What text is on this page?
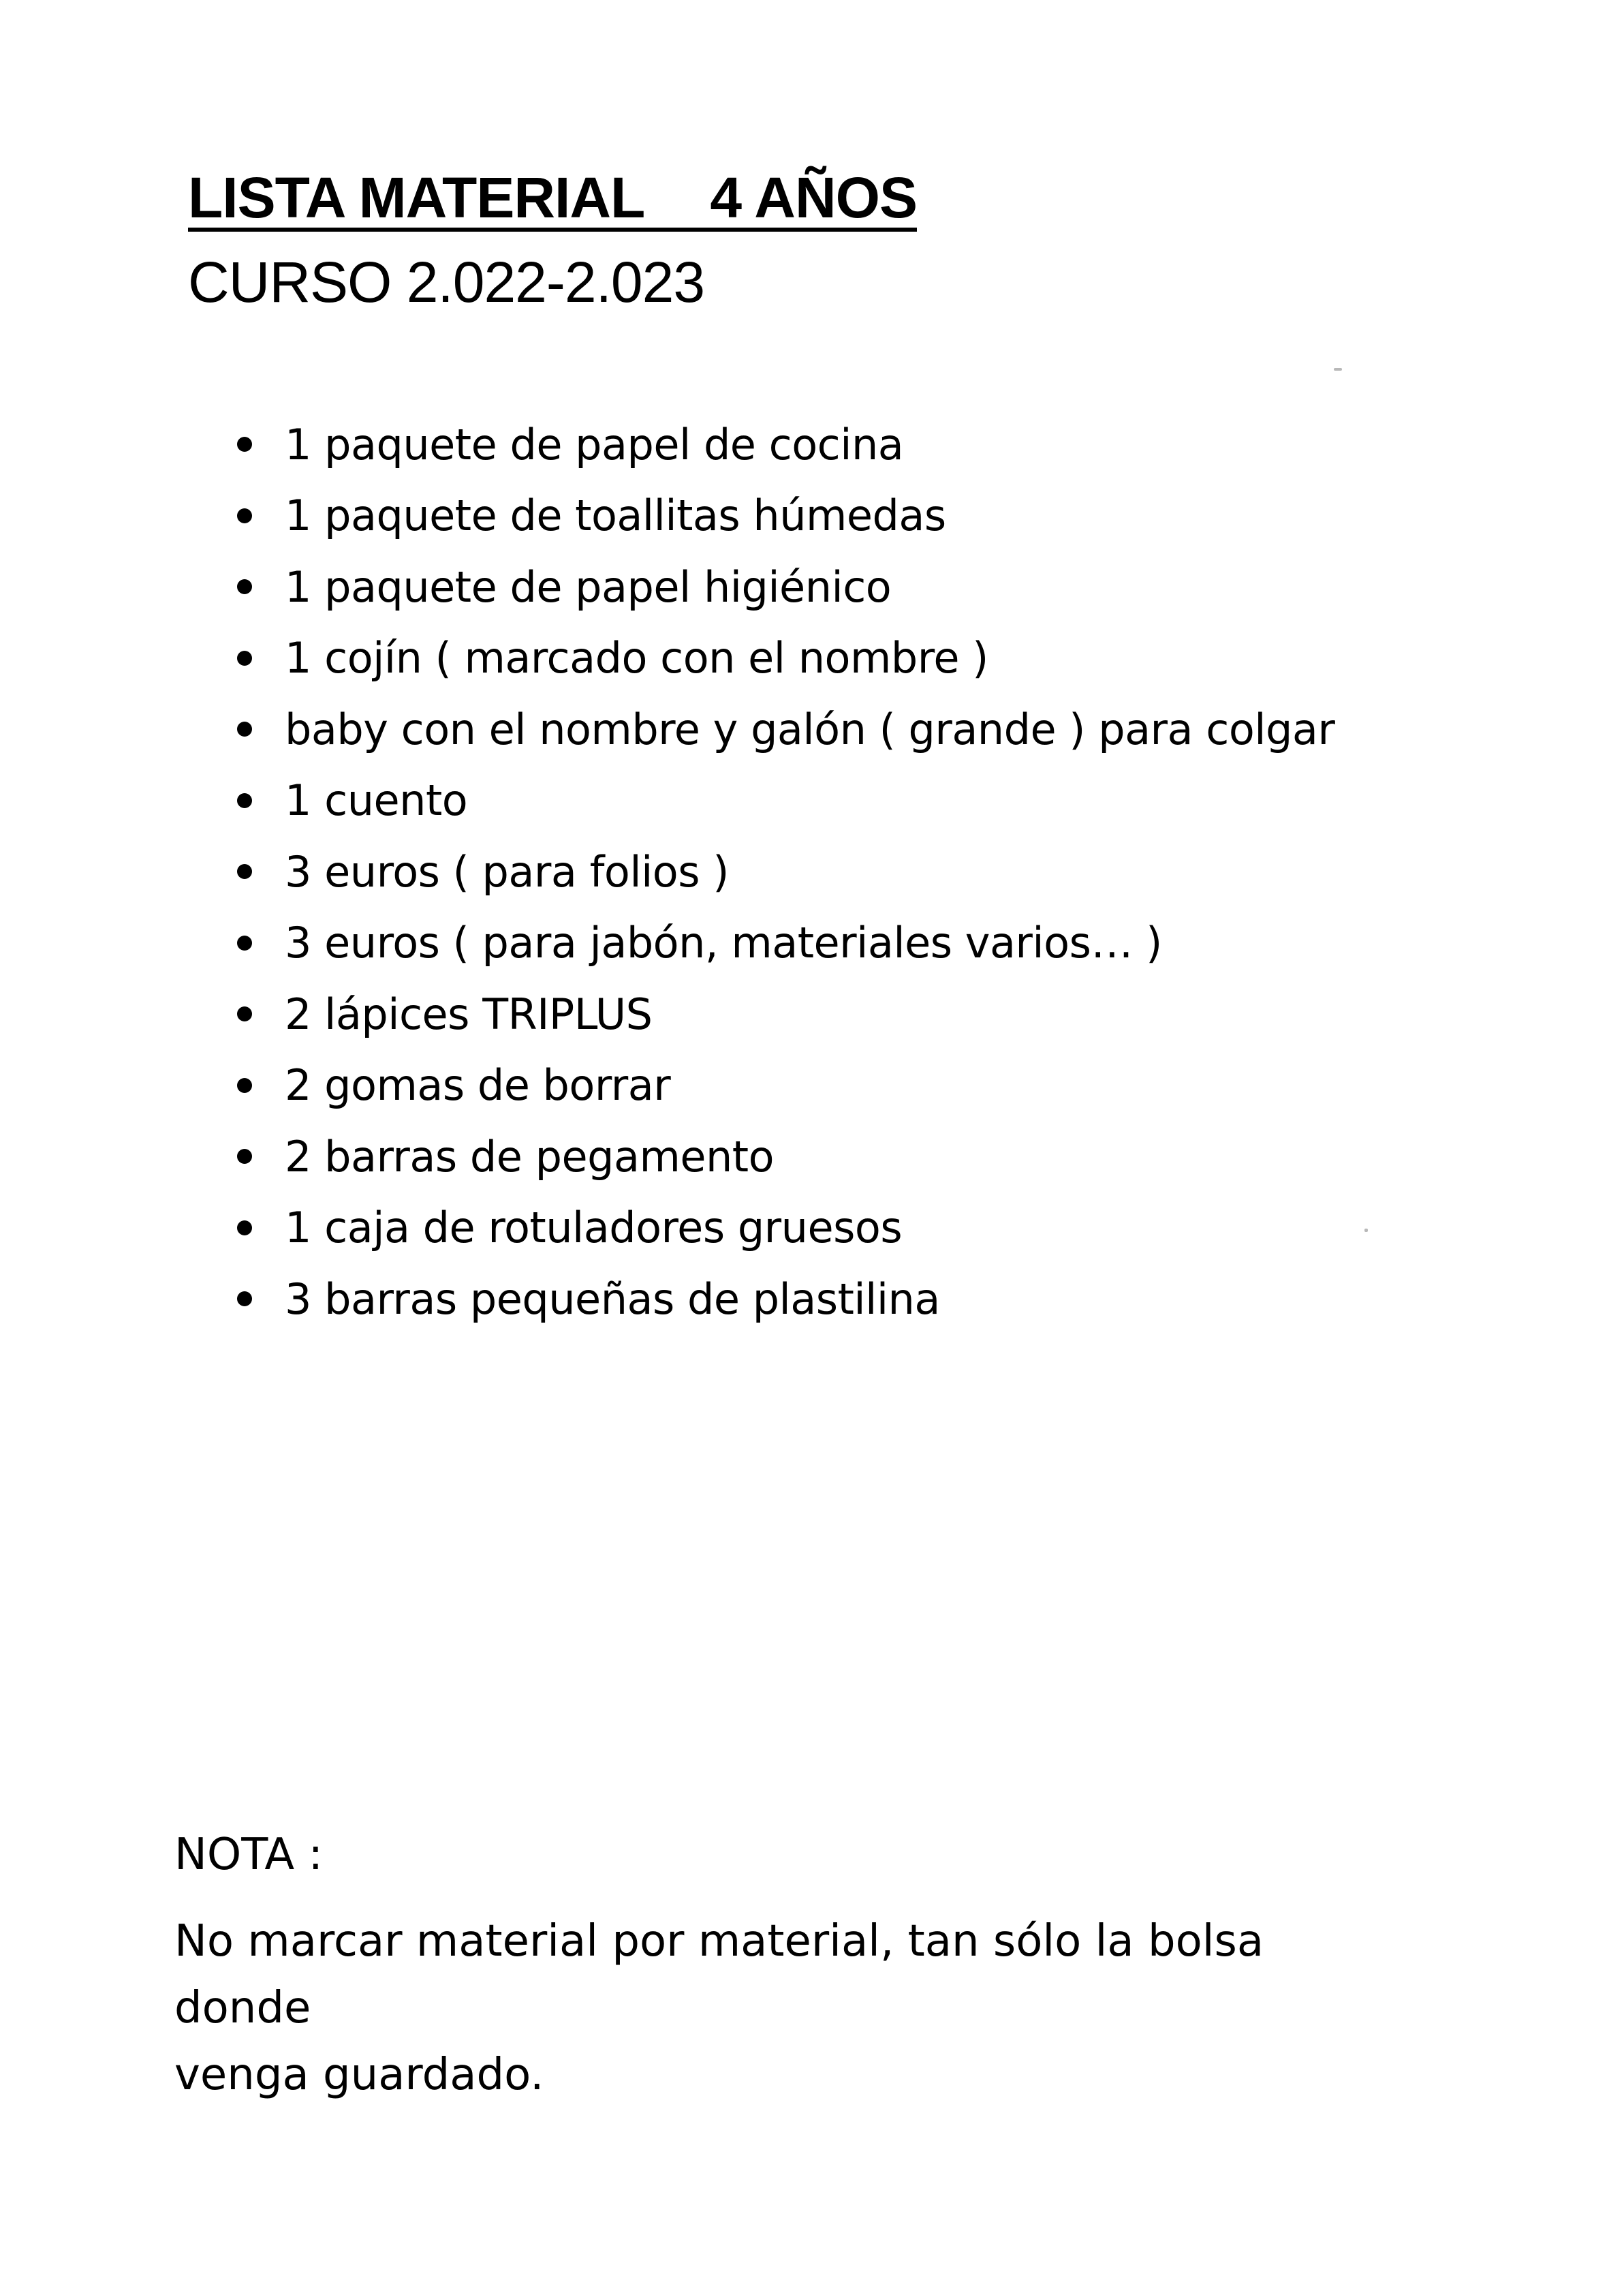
LISTA MATERIAL 4 AÑOS
CURSO 2.022-2.023
1 paquete de papel de cocina
1 paquete de toallitas húmedas
1 paquete de papel higiénico
1 cojín ( marcado con el nombre )
baby con el nombre y galón ( grande ) para colgar
1 cuento
3 euros ( para folios )
3 euros ( para jabón, materiales varios… )
2 lápices TRIPLUS
2 gomas de borrar
2 barras de pegamento
1 caja de rotuladores gruesos
3 barras pequeñas de plastilina

NOTA :

No marcar material por material, tan sólo la bolsa donde
venga guardado.
